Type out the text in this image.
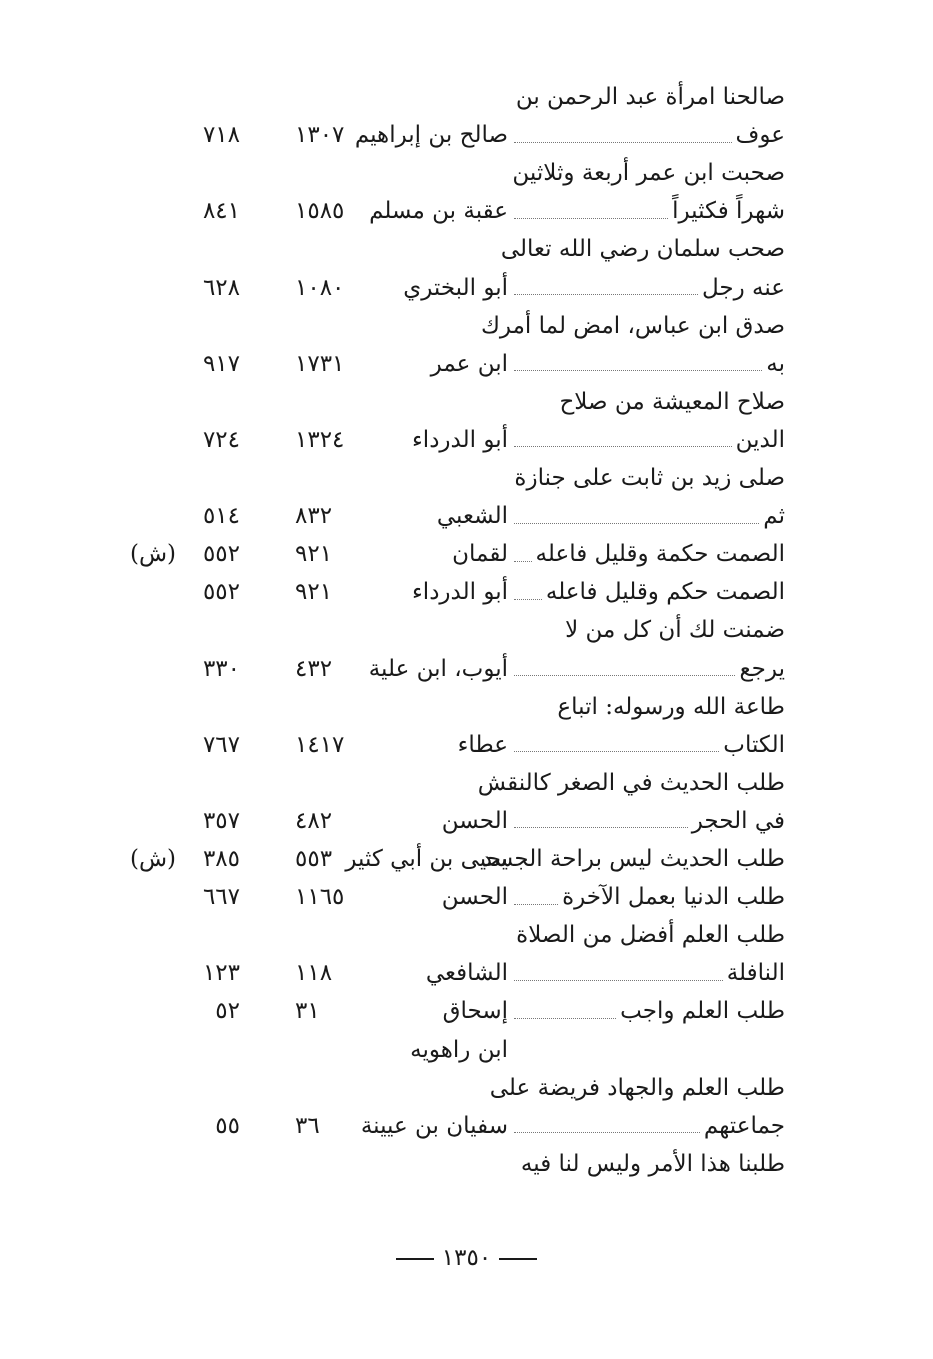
صالحنا امرأة عبد الرحمن بن
عوف
صالح بن إبراهيم
١٣٠٧
٧١٨
صحبت ابن عمر أربعة وثلاثين
شهراً فكثيراً
عقبة بن مسلم
١٥٨٥
٨٤١
صحب سلمان رضي الله تعالى
عنه رجل
أبو البختري
١٠٨٠
٦٢٨
صدق ابن عباس، امض لما أمرك
به
ابن عمر
١٧٣١
٩١٧
صلاح المعيشة من صلاح
الدين
أبو الدرداء
١٣٢٤
٧٢٤
صلى زيد بن ثابت على جنازة
ثم
الشعبي
٨٣٢
٥١٤
الصمت حكمة وقليل فاعله
لقمان
٩٢١
٥٥٢
(ش)
الصمت حكم وقليل فاعله
أبو الدرداء
٩٢١
٥٥٢
ضمنت لك أن كل من لا
يرجع
أيوب، ابن علية
٤٣٢
٣٣٠
طاعة الله ورسوله: اتباع
الكتاب
عطاء
١٤١٧
٧٦٧
طلب الحديث في الصغر كالنقش
في الحجر
الحسن
٤٨٢
٣٥٧
طلب الحديث ليس براحة الجسد
يحيى بن أبي كثير
٥٥٣
٣٨٥
(ش)
طلب الدنيا بعمل الآخرة
الحسن
١١٦٥
٦٦٧
طلب العلم أفضل من الصلاة
النافلة
الشافعي
١١٨
١٢٣
طلب العلم واجب
إسحاق
٣١
٥٢
ابن راهويه
طلب العلم والجهاد فريضة على
جماعتهم
سفيان بن عيينة
٣٦
٥٥
طلبنا هذا الأمر وليس لنا فيه
١٣٥٠
